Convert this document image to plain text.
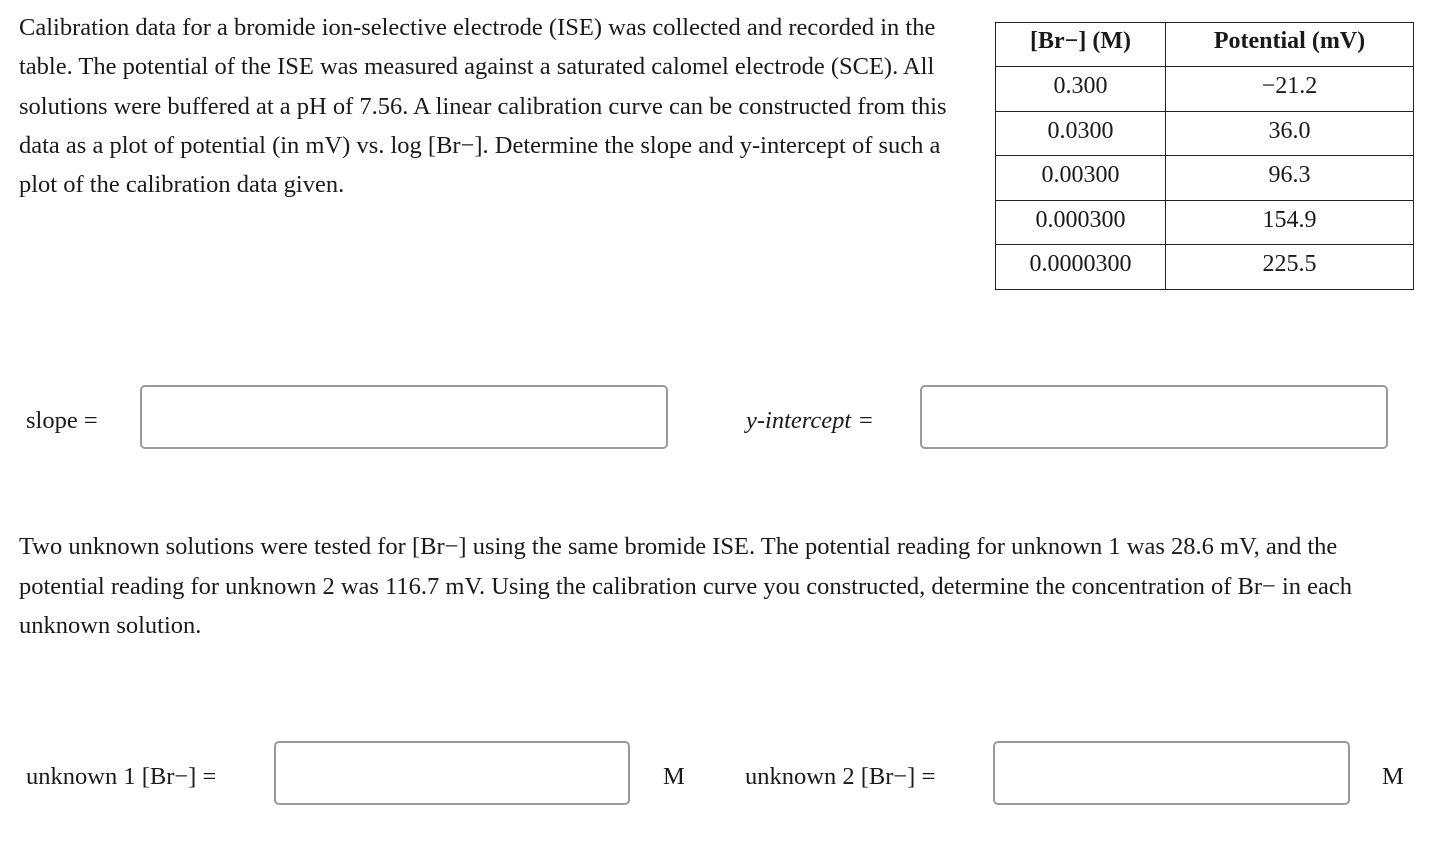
Calibration data for a bromide ion-selective electrode (ISE) was collected and recorded in the table. The potential of the ISE was measured against a saturated calomel electrode (SCE). All solutions were buffered at a pH of 7.56. A linear calibration curve can be constructed from this data as a plot of potential (in mV) vs. log [Br−]. Determine the slope and y-intercept of such a plot of the calibration data given.

[Br−] (M)	Potential (mV)
0.300	−21.2
0.0300	36.0
0.00300	96.3
0.000300	154.9
0.0000300	225.5
slope =	y-intercept =

Two unknown solutions were tested for [Br−] using the same bromide ISE. The potential reading for unknown 1 was 28.6 mV, and the potential reading for unknown 2 was 116.7 mV. Using the calibration curve you constructed, determine the concentration of Br− in each unknown solution.

unknown 1 [Br−] =	M unknown 2 [Br−] =	M
